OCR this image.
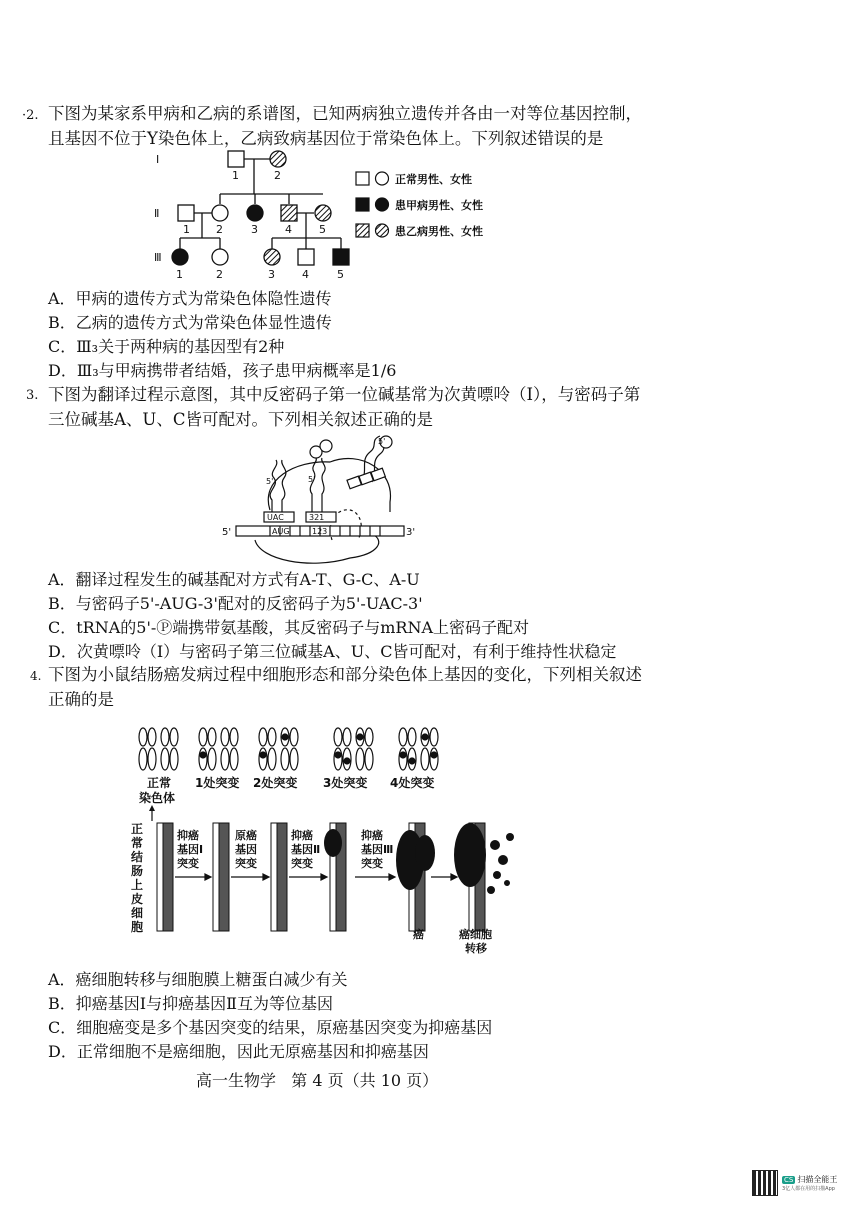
·2. 下图为某家系甲病和乙病的系谱图，已知两病独立遗传并各由一对等位基因控制，
且基因不位于Y染色体上，乙病致病基因位于常染色体上。下列叙述错误的是
Ⅰ
Ⅱ
Ⅲ
1	2
1 2	3 4 5
1	2	3 4	5
正常男性、女性
患甲病男性、女性
患乙病男性、女性
A．甲病的遗传方式为常染色体隐性遗传
B．乙病的遗传方式为常染色体显性遗传
C．Ⅲ₃关于两种病的基因型有2种
D．Ⅲ₃与甲病携带者结婚，孩子患甲病概率是1/6
3. 下图为翻译过程示意图，其中反密码子第一位碱基常为次黄嘌呤（I），与密码子第
三位碱基A、U、C皆可配对。下列相关叙述正确的是
5'
5'	5'
UAC	321
AUG	123
5'	3'
A．翻译过程发生的碱基配对方式有A-T、G-C、A-U
B．与密码子5'-AUG-3'配对的反密码子为5'-UAC-3'
C．tRNA的5'-Ⓟ端携带氨基酸，其反密码子与mRNA上密码子配对
D．次黄嘌呤（I）与密码子第三位碱基A、U、C皆可配对，有利于维持性状稳定
4. 下图为小鼠结肠癌发病过程中细胞形态和部分染色体上基因的变化，下列相关叙述
正确的是
正常
染色体
1处突变 2处突变 3处突变 4处突变
正
常
结
肠
上
皮
细
胞
抑癌
基因Ⅰ
突变
原癌
基因
突变
抑癌
基因Ⅱ
突变
抑癌
基因Ⅲ
突变
癌	癌细胞
转移
A．癌细胞转移与细胞膜上糖蛋白减少有关
B．抑癌基因Ⅰ与抑癌基因Ⅱ互为等位基因
C．细胞癌变是多个基因突变的结果，原癌基因突变为抑癌基因
D．正常细胞不是癌细胞，因此无原癌基因和抑癌基因
高一生物学   第 4 页（共 10 页）
CS 扫描全能王
3亿人都在用的扫描App
